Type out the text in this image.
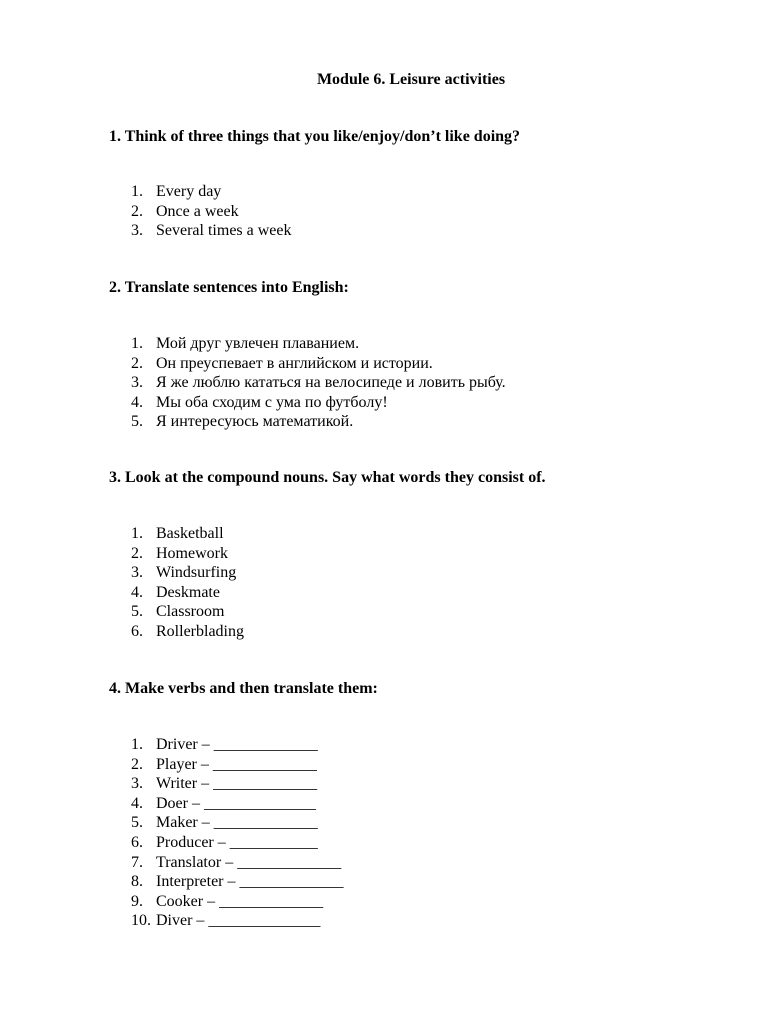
Module 6. Leisure activities
1. Think of three things that you like/enjoy/don’t like doing?
1. Every day
2. Once a week
3. Several times a week
2. Translate sentences into English:
1. Мой друг увлечен плаванием.
2. Он преуспевает в английском и истории.
3. Я же люблю кататься на велосипеде и ловить рыбу.
4. Мы оба сходим с ума по футболу!
5. Я интересуюсь математикой.
3. Look at the compound nouns. Say what words they consist of.
1. Basketball
2. Homework
3. Windsurfing
4. Deskmate
5. Classroom
6. Rollerblading
4. Make verbs and then translate them:
1. Driver – _____________
2. Player – _____________
3. Writer – _____________
4. Doer – ______________
5. Maker – _____________
6. Producer – ___________
7. Translator – _____________
8. Interpreter – _____________
9. Cooker – _____________
10. Diver – ______________
